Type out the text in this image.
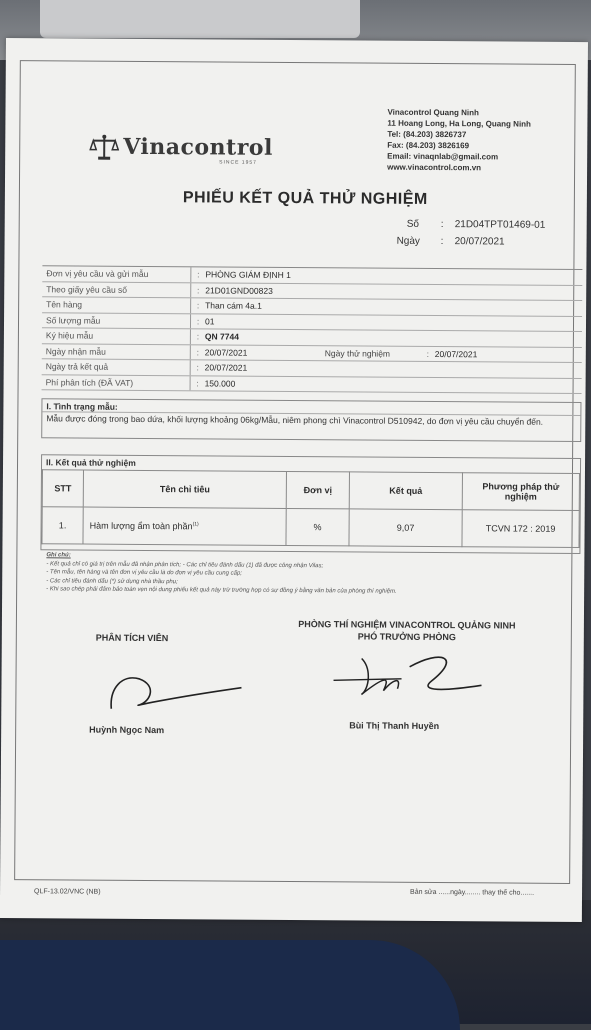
Vinacontrol
SINCE 1957
Vinacontrol Quang Ninh
11 Hoang Long, Ha Long, Quang Ninh
Tel: (84.203) 3826737
Fax: (84.203) 3826169
Email: vinaqnlab@gmail.com
www.vinacontrol.com.vn
PHIẾU KẾT QUẢ THỬ NGHIỆM
Số : 21D04TPT01469-01
Ngày : 20/07/2021
Đơn vị yêu cầu và gửi mẫu	: PHÒNG GIÁM ĐỊNH 1
Theo giấy yêu cầu số	: 21D01GND00823
Tên hàng	: Than cám 4a.1
Số lượng mẫu	: 01
Ký hiệu mẫu	: QN 7744
Ngày nhận mẫu	: 20/07/2021	Ngày thử nghiệm	: 20/07/2021
Ngày trả kết quả	: 20/07/2021
Phí phân tích (ĐÃ VAT)	: 150.000
I. Tình trạng mẫu:
Mẫu được đóng trong bao dứa, khối lượng khoảng 06kg/Mẫu, niêm phong chì Vinacontrol D510942, do đơn vị yêu cầu chuyển đến.
II. Kết quả thử nghiệm
STT	Tên chỉ tiêu	Đơn vị	Kết quả	Phương pháp thử nghiệm
1.	Hàm lượng ẩm toàn phần$^{(1)}$	%	9,07	TCVN 172 : 2019
Ghi chú:
- Kết quả chỉ có giá trị trên mẫu đã nhận phân tích; - Các chỉ tiêu đánh dấu (1) đã được công nhận Vilas;
- Tên mẫu, tên hàng và tên đơn vị yêu cầu là do đơn vị yêu cầu cung cấp;
- Các chỉ tiêu đánh dấu (*) sử dụng nhà thầu phụ;
- Khi sao chép phải đảm bảo toàn vẹn nội dung phiếu kết quả này trừ trường hợp có sự đồng ý bằng văn bản của phòng thí nghiệm.
PHÒNG THÍ NGHIỆM VINACONTROL QUẢNG NINH
PHÓ TRƯỞNG PHÒNG
PHÂN TÍCH VIÊN
Huỳnh Ngọc Nam	Bùi Thị Thanh Huyền
QLF-13.02/VNC (NB)	Bản sửa ......ngày........ thay thế cho.......
